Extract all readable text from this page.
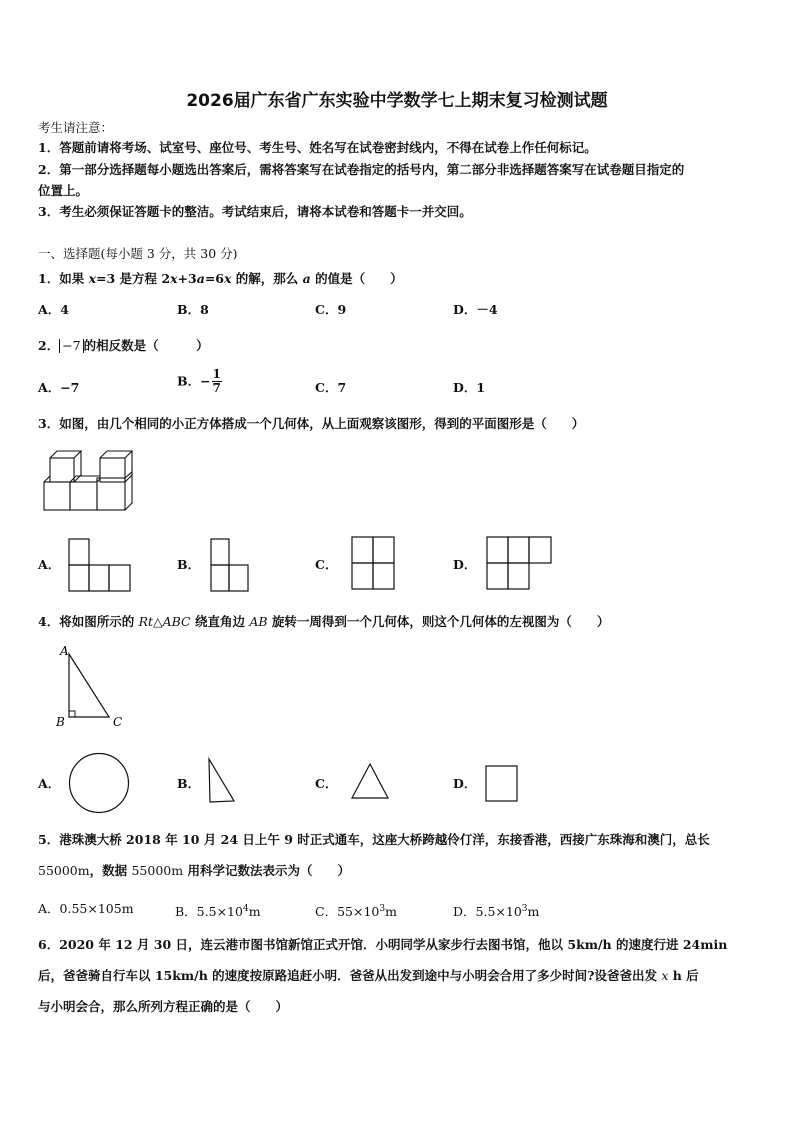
2026届广东省广东实验中学数学七上期末复习检测试题
考生请注意：
1．答题前请将考场、试室号、座位号、考生号、姓名写在试卷密封线内，不得在试卷上作任何标记。
2．第一部分选择题每小题选出答案后，需将答案写在试卷指定的括号内，第二部分非选择题答案写在试卷题目指定的
位置上。
3．考生必须保证答题卡的整洁。考试结束后，请将本试卷和答题卡一并交回。
一、选择题(每小题 3 分，共 30 分)
1．如果 x=3 是方程 2x+3a=6x 的解，那么 a 的值是（　　）
A．4	B．8	C．9	D．－4
2． −7 的相反数是（　　　）
A．−7	B．− $\frac{1}{7}$	C．7	D．1
3．如图，由几个相同的小正方体搭成一个几何体，从上面观察该图形，得到的平面图形是（　　）
A．	B．	C．	D．
4．将如图所示的 Rt△ABC 绕直角边 AB 旋转一周得到一个几何体，则这个几何体的左视图为（　　）
A
B	C
A．	B．	C．	D．
5．港珠澳大桥 2018 年 10 月 24 日上午 9 时正式通车，这座大桥跨越伶仃洋，东接香港，西接广东珠海和澳门，总长
55000m，数据 55000m 用科学记数法表示为（　　）
A．0.55×105m	B．$5.5\times 10^4m$	C．$55\times 10^3m$	D．$5.5\times 10^3m$
6．2020 年 12 月 30 日，连云港市图书馆新馆正式开馆．小明同学从家步行去图书馆，他以 5km/h 的速度行进 24min
后，爸爸骑自行车以 15km/h 的速度按原路追赶小明．爸爸从出发到途中与小明会合用了多少时间?设爸爸出发 x h 后
与小明会合，那么所列方程正确的是（　　）
